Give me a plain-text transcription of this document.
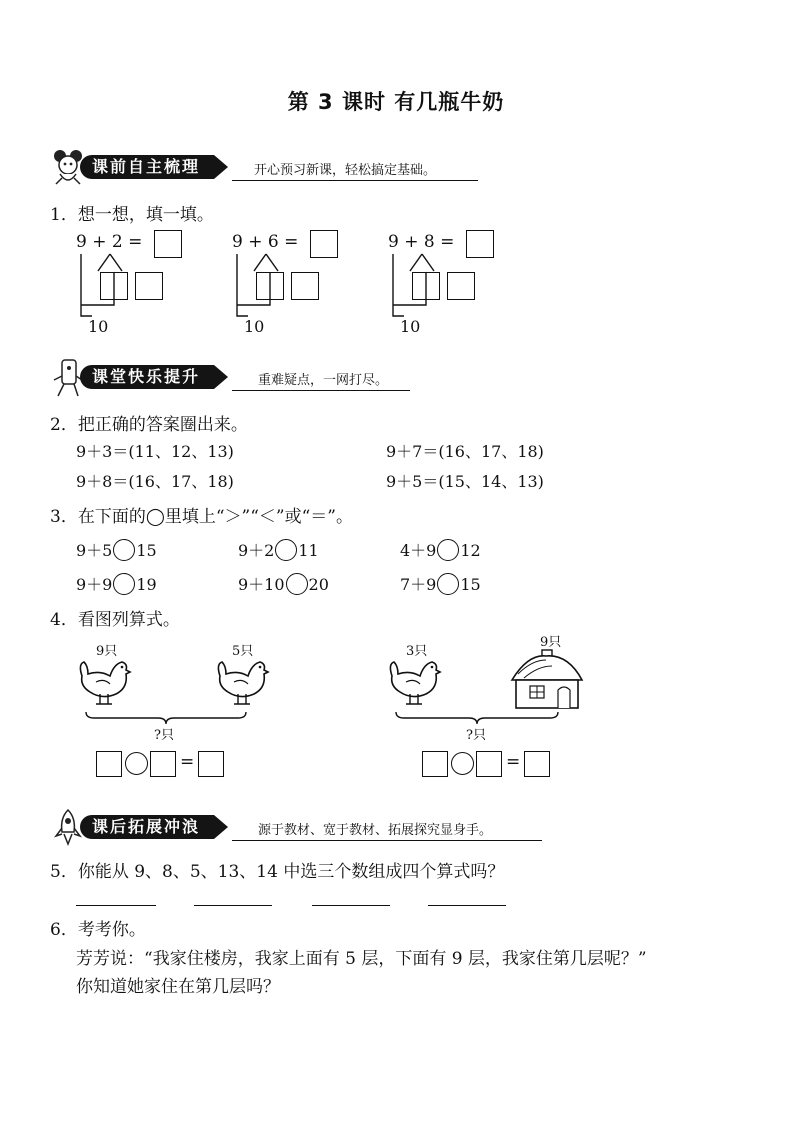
第 3 课时 有几瓶牛奶
课前自主梳理	开心预习新课，轻松搞定基础。
1．想一想，填一填。
9 + 2 =
10
9 + 6 =
10
9 + 8 =
10
课堂快乐提升	重难疑点，一网打尽。
2．把正确的答案圈出来。
9＋3＝(11、12、13)	9＋7＝(16、17、18)
9＋8＝(16、17、18)	9＋5＝(15、14、13)
3．在下面的◯里填上“＞”“＜”或“＝”。
9＋5 15	9＋2 11	4＋9 12
9＋9 19	9＋10 20	7＋9 15
4．看图列算式。
9只	5只
?只
=
3只
9只
?只
=
课后拓展冲浪	源于教材、宽于教材、拓展探究显身手。
5．你能从 9、8、5、13、14 中选三个数组成四个算式吗？
6．考考你。
芳芳说：“我家住楼房，我家上面有 5 层，下面有 9 层，我家住第几层呢？”
你知道她家住在第几层吗？
